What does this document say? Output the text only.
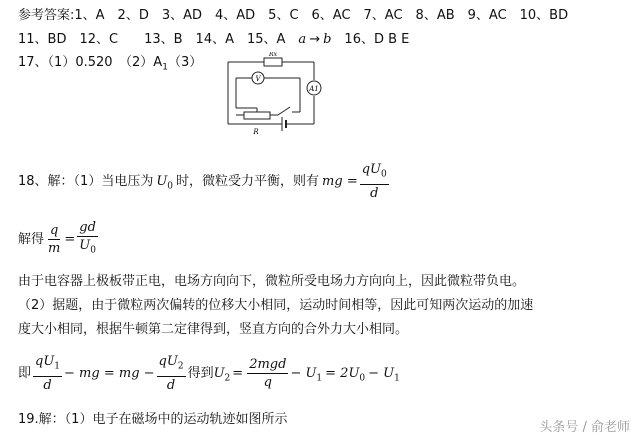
参考答案:1、A　2、D　3、AD　4、AD　5、C　6、AC　7、AC　8、AB　9、AC　10、BD
11、BD　12、C　　13、B　14、A　15、A　a → b　16、D B E
17、（1）0.520　$(2)A_1(3)$
V
A1
Rx
R
18、解：（1）当电压为 $U_0$ 时，微粒受力平衡，则有 mg = $\frac{qU_0}{d}$
解得 $\frac{q}{m} = \frac{gd}{U_0}$
由于电容器上极板带正电，电场方向向下，微粒所受电场力方向向上，因此微粒带负电。
（2）据题，由于微粒两次偏转的位移大小相同，运动时间相等，因此可知两次运动的加速
度大小相同，根据牛顿第二定律得到，竖直方向的合外力大小相同。
即 $\frac{qU_1}{d}$ − mg = mg − $\frac{qU_2}{d}$ 得到$U_2 = \frac{\text{2mgd}}{q} - U_1 = 2U_0 - U_1$
19.解：（1）电子在磁场中的运动轨迹如图所示
头条号 / 俞老师
